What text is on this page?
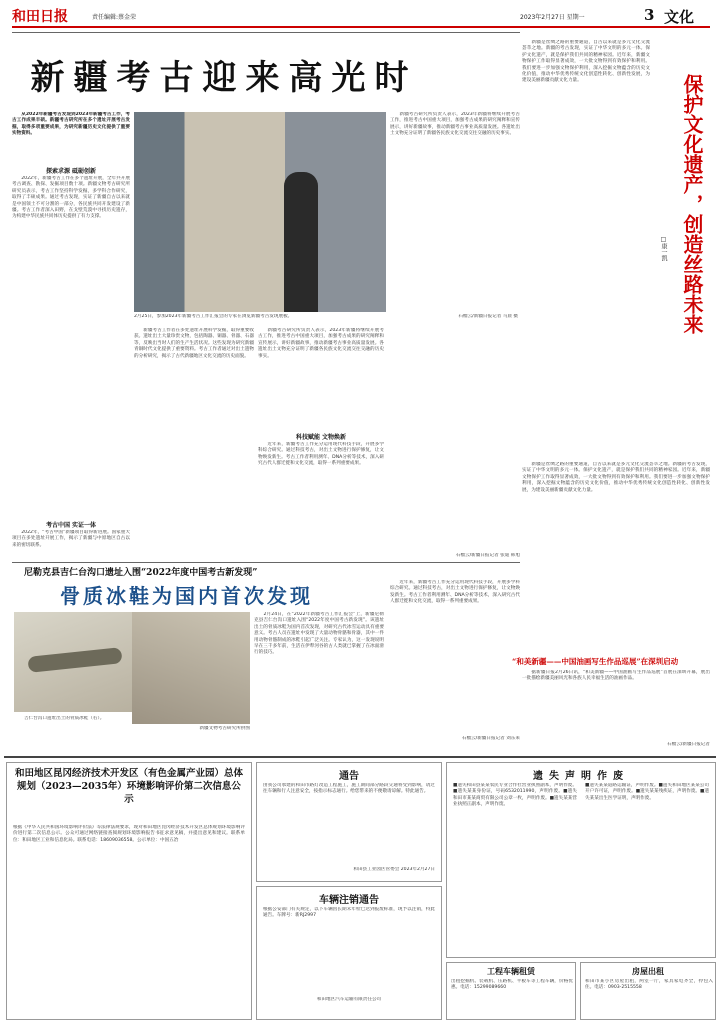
和田日报	责任编辑:蔡金荣	2023年2月27日 星期一	3 文化
新疆考古迎来高光时
　　从2022年新疆考古发现到2023年新疆考古工作，考古工作成果丰硕。新疆考古研究所在多个遗址开展考古发掘，取得多项重要成果，为研究新疆历史文化提供了重要实物资料。
探索求源 砥砺创新
　　2022年，新疆考古工作在多个遗址开展，全年共开展考古调查、勘探、发掘项目数十项。新疆文物考古研究所研究员表示，考古工作坚持科学发掘，多学科合作研究，取得了丰硕成果。通过考古发现，实证了新疆自古以来就是中国领土不可分割的一部分，各民族共同开发建设了新疆。考古工作者深入田野，在戈壁荒漠中寻找历史遗存，为构建中华民族共同体历史提供了有力支撑。
考古中国 实证一体
　　2022年，“考古中国”新疆项目取得新进展。国家重大项目在多处遗址开展工作，揭示了新疆与中原地区自古以来的密切联系。
2月25日，参加2023年新疆考古工作汇报会的专家在浏览新疆考古发现展板。	石榴云/新疆日报记者 马晨 摄
　　新疆考古工作者在多处遗址开展科学发掘，取得重要收获。遗址出土大量珍贵文物，包括陶器、铜器、骨器、石器等，反映出当时人们的生产生活状况。这些发现为研究新疆青铜时代文化提供了重要资料。考古工作者通过对出土遗物的分析研究，揭示了古代新疆地区文化交流的历史面貌。
　　新疆考古研究所负责人表示，2023年新疆将继续开展考古工作，推进考古中国重大项目，加强考古成果的研究阐释和宣传展示，讲好新疆故事，推动新疆考古事业高质量发展。各遗址出土文物充分证明了新疆各民族文化交流交往交融的历史事实。
科技赋能 文物焕新
　　近年来，新疆考古工作充分运用现代科技手段，开展多学科综合研究。通过科技考古，对出土文物进行保护修复，让文物焕发新生。考古工作者利用测年、DNA分析等技术，深入研究古代人群迁徙和文化交流，取得一系列重要成果。
　　新疆考古研究所负责人表示，2023年新疆将继续开展考古工作，推进考古中国重大项目，加强考古成果的研究阐释和宣传展示，讲好新疆故事，推动新疆考古事业高质量发展。各遗址出土文物充分证明了新疆各民族文化交流交往交融的历史事实。
石榴云/新疆日报记者 张迪 韩旭
　　新疆是丝绸之路的重要通道，自古以来就是多元文化交流荟萃之地。新疆的考古发现，实证了中华文明的多元一体。保护文化遗产，就是保护我们共同的精神家园。近年来，新疆文物保护工作取得显著成效，一大批文物得到有效保护和利用。我们要进一步加强文物保护利用，深入挖掘文物蕴含的历史文化价值，推动中华优秀传统文化创造性转化、创新性发展，为建设美丽新疆贡献文化力量。	保护文化遗产，创造丝路未来
□康一凯
　　新疆是丝绸之路的重要通道，自古以来就是多元文化交流荟萃之地。新疆的考古发现，实证了中华文明的多元一体。保护文化遗产，就是保护我们共同的精神家园。近年来，新疆文物保护工作取得显著成效，一大批文物得到有效保护和利用。我们要进一步加强文物保护利用，深入挖掘文物蕴含的历史文化价值，推动中华优秀传统文化创造性转化、创新性发展，为建设美丽新疆贡献文化力量。
“和美新疆——中国油画写生作品巡展”在深圳启动
　　据新疆日报2月26日讯，“和美新疆——中国油画写生作品巡展”首展在深圳开幕，展出一批描绘新疆美丽风光和各族人民幸福生活的油画作品。
石榴云/新疆日报记者
尼勒克县吉仁台沟口遗址入围“2022年度中国考古新发现”
骨质冰鞋为国内首次发现
吉仁台沟口遗址出土的骨质冰鞋（右）。
新疆文物考古研究所供图
　　2月24日，在“2022年新疆考古工作汇报会”上，新疆尼勒克县吉仁台沟口遗址入围“2022年度中国考古新发现”。该遗址出土的骨质冰鞋为国内首次发现，对研究古代冰雪运动具有重要意义。考古人员在遗址中发现了大量动物骨骼和骨器，其中一件用动物骨骼制成的冰鞋引起广泛关注。专家认为，这一发现说明早在三千多年前，生活在伊犁河谷的古人类就已掌握了在冰面滑行的技巧。
　　近年来，新疆考古工作充分运用现代科技手段，开展多学科综合研究。通过科技考古，对出土文物进行保护修复，让文物焕发新生。考古工作者利用测年、DNA分析等技术，深入研究古代人群迁徙和文化交流，取得一系列重要成果。
石榴云/新疆日报记者 刘东莱
和田地区昆冈经济技术开发区（有色金属产业园）总体规划（2023—2035年）环境影响评价第二次信息公示
根据《中华人民共和国环境影响评价法》等法律法规要求，现对和田地区昆冈经济技术开发区总体规划环境影响评价进行第二次信息公示。公众可通过网络链接查阅规划环境影响报告书征求意见稿，并提出意见和建议。联系单位：和田地区工业和信息化局。联系电话：18609036558。公示单位：中国五冶
通告
由我公司承建的和田市路灯改造工程施工，施工期间部分路段交通将受到影响，请过往车辆和行人注意安全，按指示标志通行。给您带来的不便敬请谅解。特此通告。
和田县工业园区管委会 2023年2月27日
车辆注销通告
根据公安部门有关规定，以下车辆因长期未年检已达到报废标准，现予以注销，特此通告。车牌号：新RJ2997
和田地区汽车运输有限责任公司
遗失声明作废
■遗失和田县某某农民专业合作社营业执照副本，声明作废。■遗失某某身份证，号码6532011990，声明作废。■遗失和田市某某商贸有限公司公章一枚，声明作废。■遗失某某营业执照正副本，声明作废。
■遗失某某道路运输证，声明作废。■遗失和田地区某某公司开户许可证，声明作废。■遗失某某残疾证，声明作废。■遗失某某出生医学证明，声明作废。
工程车辆租赁
出租挖掘机、装载机、压路机、平板车等工程车辆，价格优惠。电话：15299089660
房屋出租
和田市某小区房屋出租，两室一厅，家具家电齐全，拎包入住。电话：0903-2515558
